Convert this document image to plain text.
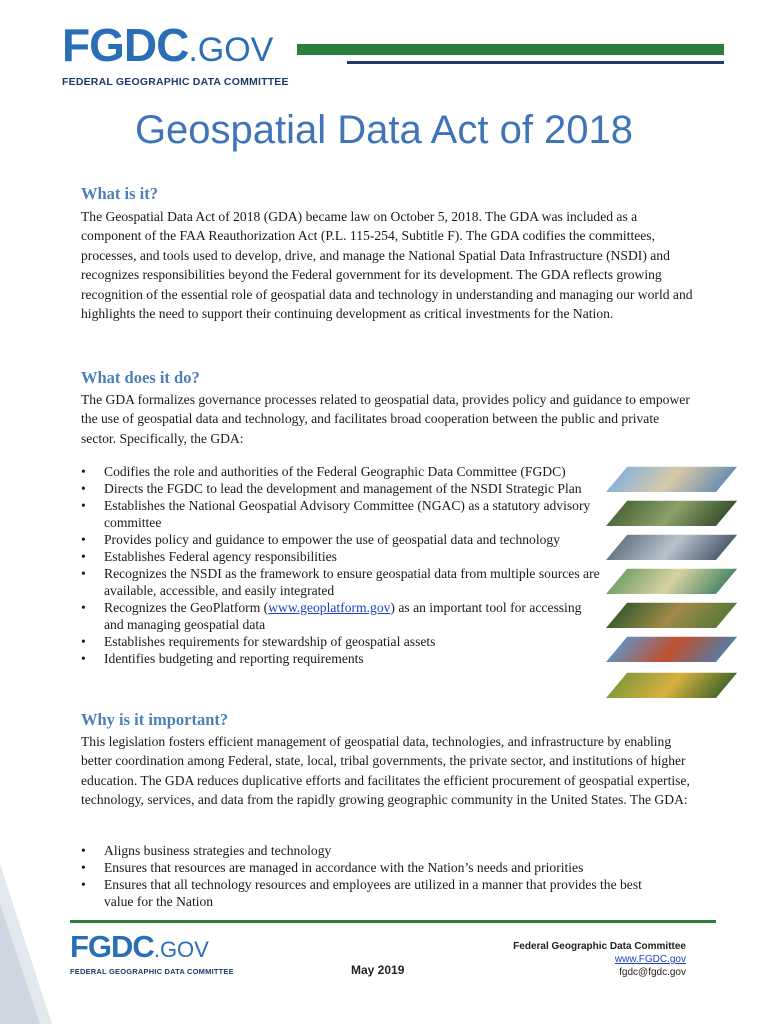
FGDC.GOV
FEDERAL GEOGRAPHIC DATA COMMITTEE
Geospatial Data Act of 2018
What is it?

The Geospatial Data Act of 2018 (GDA) became law on October 5, 2018. The GDA was included as a component of the FAA Reauthorization Act (P.L. 115-254, Subtitle F). The GDA codifies the committees, processes, and tools used to develop, drive, and manage the National Spatial Data Infrastructure (NSDI) and recognizes responsibilities beyond the Federal government for its development. The GDA reflects growing recognition of the essential role of geospatial data and technology in understanding and managing our world and highlights the need to support their continuing development as critical investments for the Nation.

What does it do?

The GDA formalizes governance processes related to geospatial data, provides policy and guidance to empower the use of geospatial data and technology, and facilitates broad cooperation between the public and private sector. Specifically, the GDA:

• Codifies the role and authorities of the Federal Geographic Data Committee (FGDC)
• Directs the FGDC to lead the development and management of the NSDI Strategic Plan
• Establishes the National Geospatial Advisory Committee (NGAC) as a statutory advisory committee
• Provides policy and guidance to empower the use of geospatial data and technology
• Establishes Federal agency responsibilities
• Recognizes the NSDI as the framework to ensure geospatial data from multiple sources are available, accessible, and easily integrated
• Recognizes the GeoPlatform (www.geoplatform.gov) as an important tool for accessing and managing geospatial data
• Establishes requirements for stewardship of geospatial assets
• Identifies budgeting and reporting requirements
Why is it important?

This legislation fosters efficient management of geospatial data, technologies, and infrastructure by enabling better coordination among Federal, state, local, tribal governments, the private sector, and institutions of higher education. The GDA reduces duplicative efforts and facilitates the efficient procurement of geospatial expertise, technology, services, and data from the rapidly growing geographic community in the United States. The GDA:

• Aligns business strategies and technology
• Ensures that resources are managed in accordance with the Nation’s needs and priorities
• Ensures that all technology resources and employees are utilized in a manner that provides the best value for the Nation
FGDC.GOV
FEDERAL GEOGRAPHIC DATA COMMITTEE	May 2019
Federal Geographic Data Committee
www.FGDC.gov
fgdc@fgdc.gov
